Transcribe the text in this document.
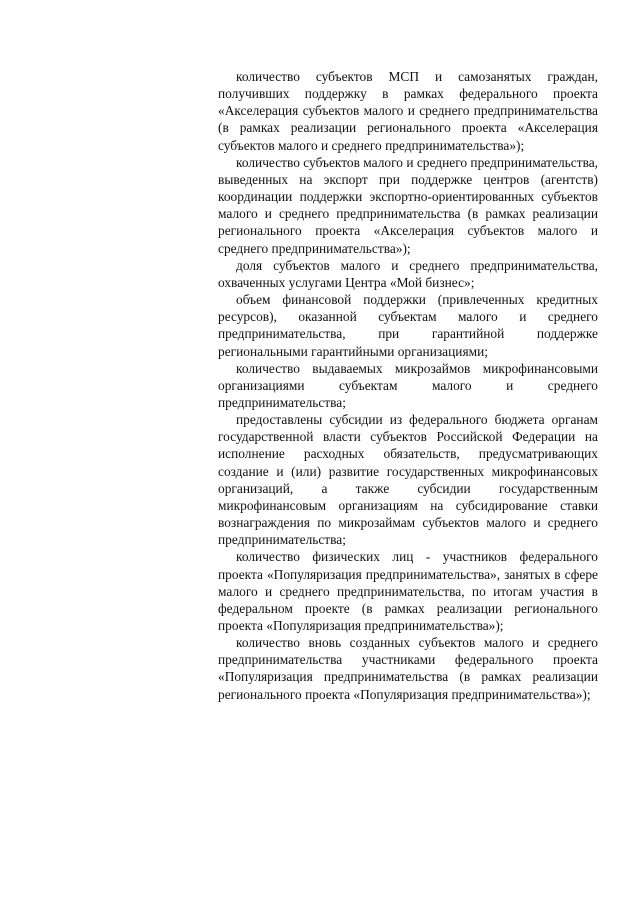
количество субъектов МСП и самозанятых граждан, получивших поддержку в рамках федерального проекта «Акселерация субъектов малого и среднего предпринимательства (в рамках реализации регионального проекта «Акселерация субъектов малого и среднего предпринимательства»);

количество субъектов малого и среднего предпринимательства, выведенных на экспорт при поддержке центров (агентств) координации поддержки экспортно-ориентированных субъектов малого и среднего предпринимательства (в рамках реализации регионального проекта «Акселерация субъектов малого и среднего предпринимательства»);

доля субъектов малого и среднего предпринимательства, охваченных услугами Центра «Мой бизнес»;

объем финансовой поддержки (привлеченных кредитных ресурсов), оказанной субъектам малого и среднего предпринимательства, при гарантийной поддержке региональными гарантийными организациями;

количество выдаваемых микрозаймов микрофинансовыми организациями субъектам малого и среднего предпринимательства;

предоставлены субсидии из федерального бюджета органам государственной власти субъектов Российской Федерации на исполнение расходных обязательств, предусматривающих создание и (или) развитие государственных микрофинансовых организаций, а также субсидии государственным микрофинансовым организациям на субсидирование ставки вознаграждения по микрозаймам субъектов малого и среднего предпринимательства;

количество физических лиц - участников федерального проекта «Популяризация предпринимательства», занятых в сфере малого и среднего предпринимательства, по итогам участия в федеральном проекте (в рамках реализации регионального проекта «Популяризация предпринимательства»);

количество вновь созданных субъектов малого и среднего предпринимательства участниками федерального проекта «Популяризация предпринимательства (в рамках реализации регионального проекта «Популяризация предпринимательства»);
